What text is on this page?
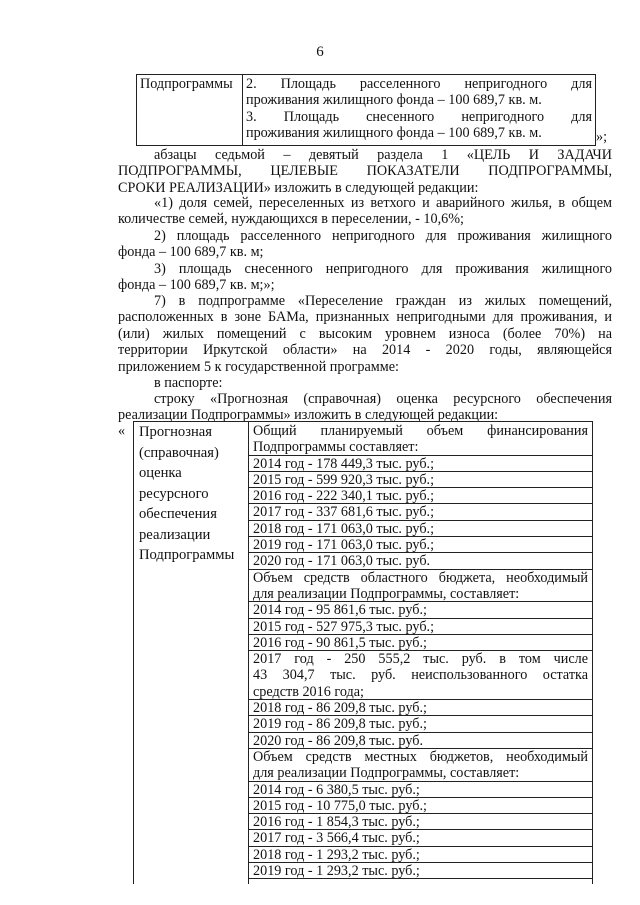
6
Подпрограммы 2. Площадь расселенного непригодного для
проживания жилищного фонда – 100 689,7 кв. м.
3. Площадь снесенного непригодного для
проживания жилищного фонда – 100 689,7 кв. м.	»;
абзацы седьмой – девятый раздела 1 «ЦЕЛЬ И ЗАДАЧИ
ПОДПРОГРАММЫ, ЦЕЛЕВЫЕ ПОКАЗАТЕЛИ ПОДПРОГРАММЫ,
СРОКИ РЕАЛИЗАЦИИ» изложить в следующей редакции:
«1) доля семей, переселенных из ветхого и аварийного жилья, в общем
количестве семей, нуждающихся в переселении, - 10,6%;
2) площадь расселенного непригодного для проживания жилищного
фонда – 100 689,7 кв. м;
3) площадь снесенного непригодного для проживания жилищного
фонда – 100 689,7 кв. м;»;
7) в подпрограмме «Переселение граждан из жилых помещений,
расположенных в зоне БАМа, признанных непригодными для проживания, и
(или) жилых помещений с высоким уровнем износа (более 70%) на
территории Иркутской области» на 2014 - 2020 годы, являющейся
приложением 5 к государственной программе:
в паспорте:
строку «Прогнозная (справочная) оценка ресурсного обеспечения
реализации Подпрограммы» изложить в следующей редакции:
« Прогнозная
(справочная)
оценка
ресурсного
обеспечения
реализации
Подпрограммы
Общий планируемый объем финансирования
Подпрограммы составляет:
2014 год - 178 449,3 тыс. руб.;
2015 год - 599 920,3 тыс. руб.;
2016 год - 222 340,1 тыс. руб.;
2017 год - 337 681,6 тыс. руб.;
2018 год - 171 063,0 тыс. руб.;
2019 год - 171 063,0 тыс. руб.;
2020 год - 171 063,0 тыс. руб.
Объем средств областного бюджета, необходимый
для реализации Подпрограммы, составляет:
2014 год - 95 861,6 тыс. руб.;
2015 год - 527 975,3 тыс. руб.;
2016 год - 90 861,5 тыс. руб.;
2017 год - 250 555,2 тыс. руб. в том числе
43 304,7 тыс. руб. неиспользованного остатка
средств 2016 года;
2018 год - 86 209,8 тыс. руб.;
2019 год - 86 209,8 тыс. руб.;
2020 год - 86 209,8 тыс. руб.
Объем средств местных бюджетов, необходимый
для реализации Подпрограммы, составляет:
2014 год - 6 380,5 тыс. руб.;
2015 год - 10 775,0 тыс. руб.;
2016 год - 1 854,3 тыс. руб.;
2017 год - 3 566,4 тыс. руб.;
2018 год - 1 293,2 тыс. руб.;
2019 год - 1 293,2 тыс. руб.;
